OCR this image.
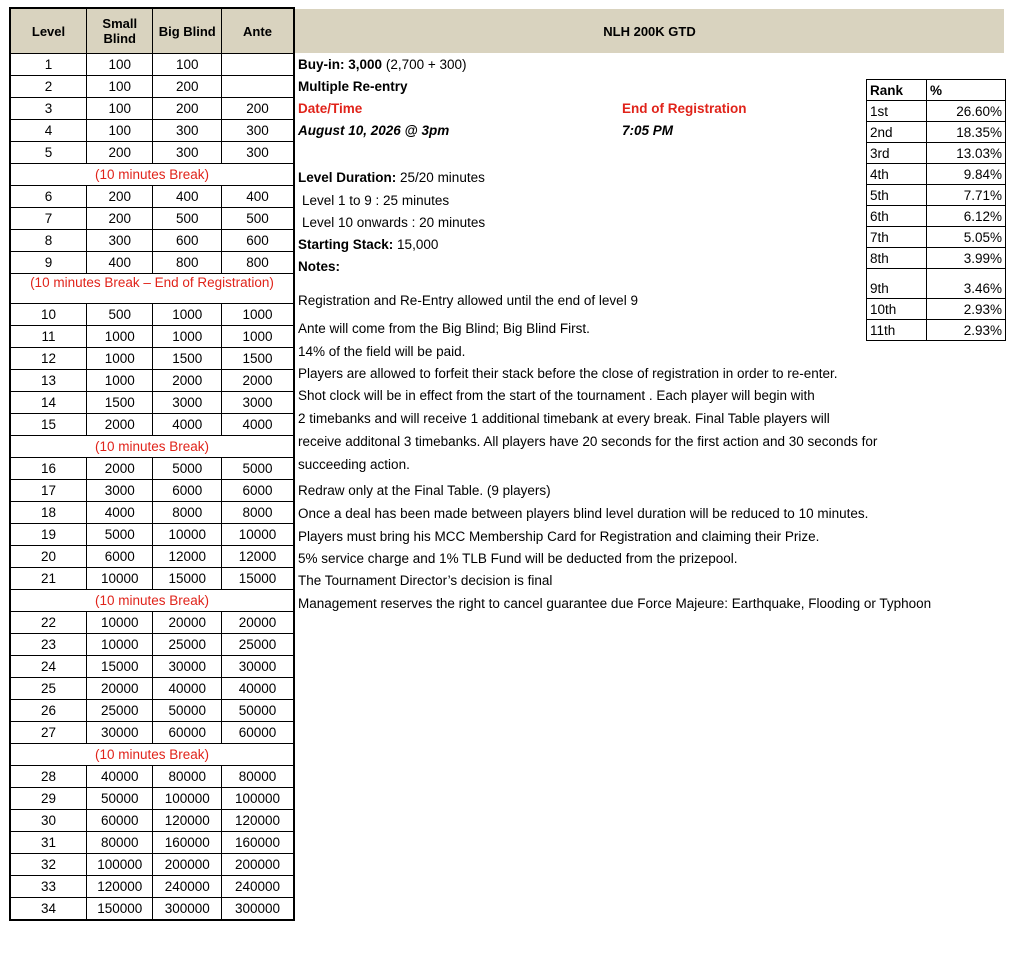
Level	Small Blind	Big Blind	Ante
1	100	100	
2	100	200	
3	100	200	200
4	100	300	300
5	200	300	300
(10 minutes Break)			
6	200	400	400
7	200	500	500
8	300	600	600
9	400	800	800
(10 minutes Break – End of Registration)			
10	500	1000	1000
11	1000	1000	1000
12	1000	1500	1500
13	1000	2000	2000
14	1500	3000	3000
15	2000	4000	4000
(10 minutes Break)			
16	2000	5000	5000
17	3000	6000	6000
18	4000	8000	8000
19	5000	10000	10000
20	6000	12000	12000
21	10000	15000	15000
(10 minutes Break)			
22	10000	20000	20000
23	10000	25000	25000
24	15000	30000	30000
25	20000	40000	40000
26	25000	50000	50000
27	30000	60000	60000
(10 minutes Break)			
28	40000	80000	80000
29	50000	100000	100000
30	60000	120000	120000
31	80000	160000	160000
32	100000	200000	200000
33	120000	240000	240000
34	150000	300000	300000
NLH 200K GTD
Buy-in: 3,000 (2,700 + 300)
Multiple Re-entry
Date/Time	End of Registration
August 10, 2026 @ 3pm	7:05 PM
Level Duration: 25/20 minutes
Level 1 to 9 : 25 minutes
Level 10 onwards : 20 minutes
Starting Stack: 15,000
Notes:
Registration and Re-Entry allowed until the end of level 9
Ante will come from the Big Blind; Big Blind First.
14% of the field will be paid.
Players are allowed to forfeit their stack before the close of registration in order to re-enter.
Shot clock will be in effect from the start of the tournament . Each player will begin with
2 timebanks and will receive 1 additional timebank at every break. Final Table players will
receive additonal 3 timebanks. All players have 20 seconds for the first action and 30 seconds for
succeeding action.
Redraw only at the Final Table. (9 players)
Once a deal has been made between players blind level duration will be reduced to 10 minutes.
Players must bring his MCC Membership Card for Registration and claiming their Prize.
5% service charge and 1% TLB Fund will be deducted from the prizepool.
The Tournament Director’s decision is final
Management reserves the right to cancel guarantee due Force Majeure: Earthquake, Flooding or Typhoon
Rank	%
1st	26.60%
2nd	18.35%
3rd	13.03%
4th	9.84%
5th	7.71%
6th	6.12%
7th	5.05%
8th	3.99%
9th	3.46%
10th	2.93%
11th	2.93%
